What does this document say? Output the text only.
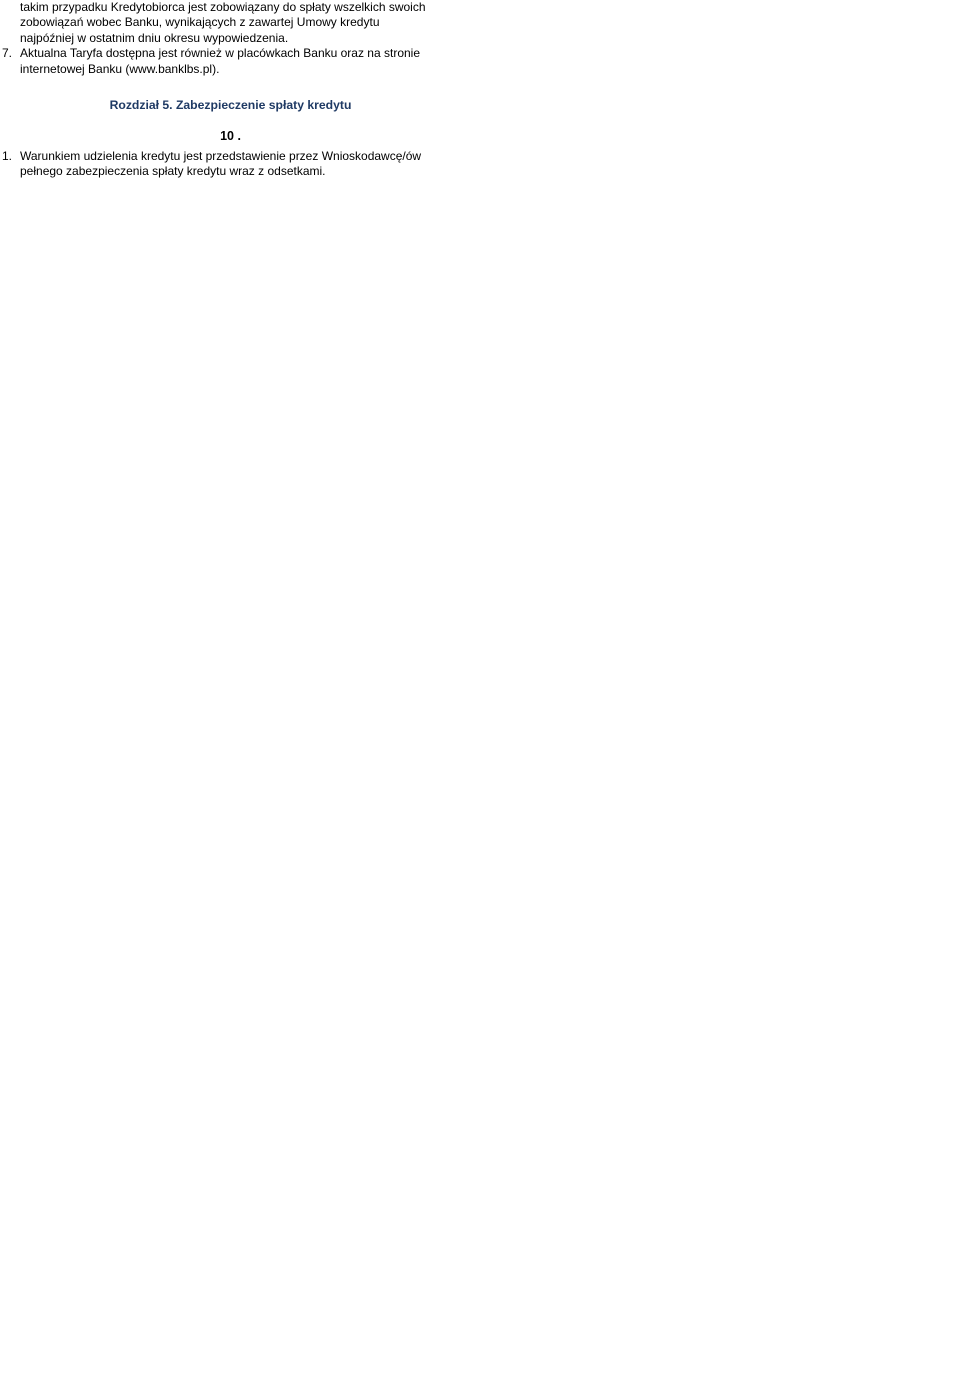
takim przypadku Kredytobiorca jest zobowiązany do spłaty wszelkich swoich
zobowiązań wobec Banku, wynikających z zawartej Umowy kredytu
najpóźniej w ostatnim dniu okresu wypowiedzenia.
7. Aktualna Taryfa dostępna jest również w placówkach Banku oraz na stronie
internetowej Banku (www.banklbs.pl).
Rozdział 5. Zabezpieczenie spłaty kredytu
10 .
1. Warunkiem udzielenia kredytu jest przedstawienie przez Wnioskodawcę/ów
pełnego zabezpieczenia spłaty kredytu wraz z odsetkami.
